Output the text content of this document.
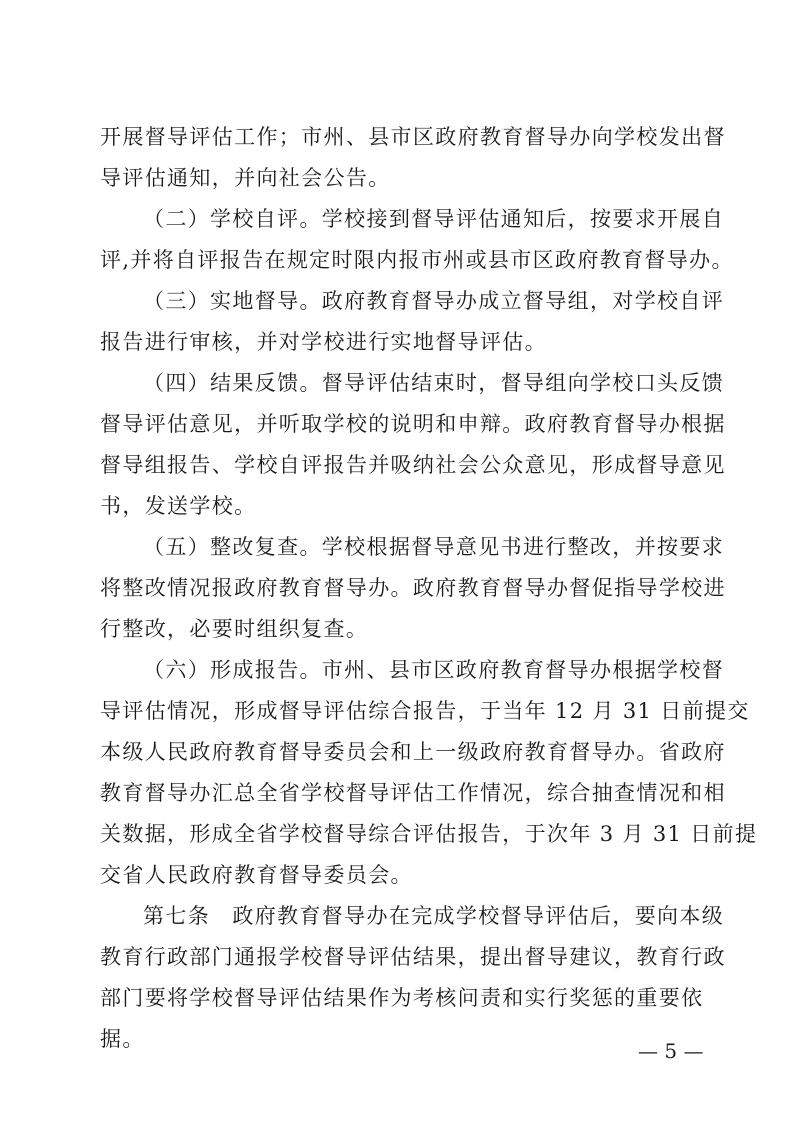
开展督导评估工作；市州、县市区政府教育督导办向学校发出督
导评估通知，并向社会公告。
（二）学校自评。学校接到督导评估通知后，按要求开展自
评,并将自评报告在规定时限内报市州或县市区政府教育督导办。
（三）实地督导。政府教育督导办成立督导组，对学校自评
报告进行审核，并对学校进行实地督导评估。
（四）结果反馈。督导评估结束时，督导组向学校口头反馈
督导评估意见，并听取学校的说明和申辩。政府教育督导办根据
督导组报告、学校自评报告并吸纳社会公众意见，形成督导意见
书，发送学校。
（五）整改复查。学校根据督导意见书进行整改，并按要求
将整改情况报政府教育督导办。政府教育督导办督促指导学校进
行整改，必要时组织复查。
（六）形成报告。市州、县市区政府教育督导办根据学校督
导评估情况，形成督导评估综合报告，于当年 12 月 31 日前提交
本级人民政府教育督导委员会和上一级政府教育督导办。省政府
教育督导办汇总全省学校督导评估工作情况，综合抽查情况和相
关数据，形成全省学校督导综合评估报告，于次年 3 月 31 日前提
交省人民政府教育督导委员会。
第七条　政府教育督导办在完成学校督导评估后，要向本级
教育行政部门通报学校督导评估结果，提出督导建议，教育行政
部门要将学校督导评估结果作为考核问责和实行奖惩的重要依
据。	— 5 —
